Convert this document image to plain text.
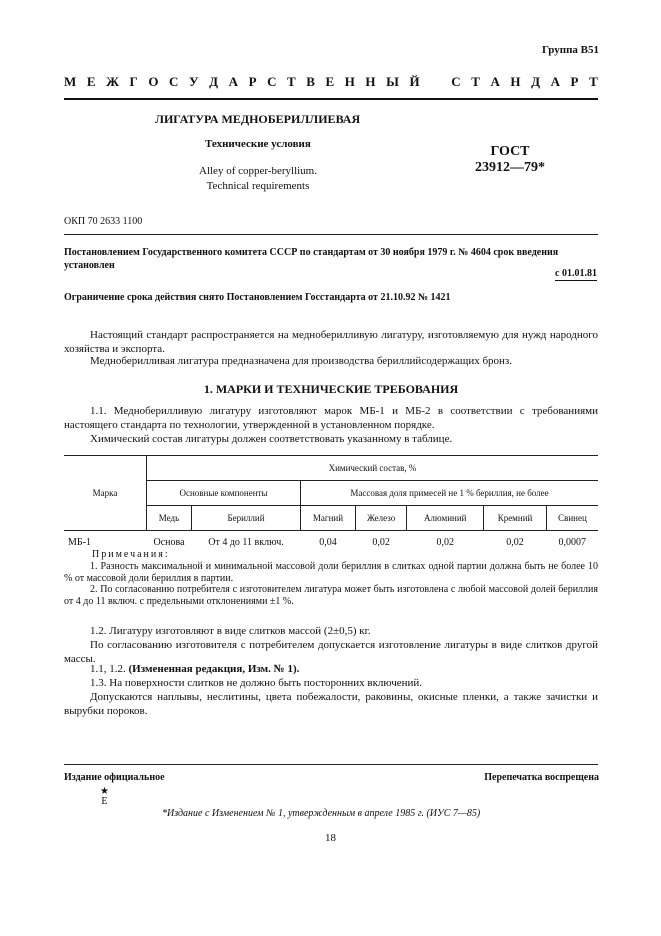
Группа В51
М Е Ж Г О С У Д А Р С Т В Е Н Н Ы Й С Т А Н Д А Р Т
ЛИГАТУРА МЕДНОБЕРИЛЛИЕВАЯ
Технические условия
Alley of copper-beryllium.
Technical requirements
ГОСТ
23912—79*
ОКП 70 2633 1100
Постановлением Государственного комитета СССР по стандартам от 30 ноября 1979 г. № 4604 срок введения установлен
с 01.01.81
Ограничение срока действия снято Постановлением Госстандарта от 21.10.92 № 1421
Настоящий стандарт распространяется на медноберилливую лигатуру, изготовляемую для нужд народного хозяйства и экспорта.
Медноберилливая лигатура предназначена для производства бериллийсодержащих бронз.
1. МАРКИ И ТЕХНИЧЕСКИЕ ТРЕБОВАНИЯ
1.1. Медноберилливую лигатуру изготовляют марок МБ-1 и МБ-2 в соответствии с требованиями настоящего стандарта по технологии, утвержденной в установленном порядке.
Химический состав лигатуры должен соответствовать указанному в таблице.
Марка	Химический состав, %						
	Основные компоненты		Массовая доля примесей не 1 % бериллия, не более				
	Медь	Бериллий	Магний	Железо	Алюминий	Кремний	Свинец
МБ-1	Основа	От 4 до 11 включ.	0,04	0,02	0,02	0,02	0,0007
Примечания:
1. Разность максимальной и минимальной массовой доли бериллия в слитках одной партии должна быть не более 10 % от массовой доли бериллия в партии.
2. По согласованию потребителя с изготовителем лигатура может быть изготовлена с любой массовой долей бериллия от 4 до 11 включ. с предельными отклонениями ±1 %.
1.2. Лигатуру изготовляют в виде слитков массой (2±0,5) кг.
По согласованию изготовителя с потребителем допускается изготовление лигатуры в виде слитков другой массы.
1.1, 1.2. (Измененная редакция, Изм. № 1).
1.3. На поверхности слитков не должно быть посторонних включений.
Допускаются наплывы, неслитины, цвета побежалости, раковины, окисные пленки, а также зачистки и вырубки пороков.
Издание официальное	Перепечатка воспрещена
★
Е
*Издание с Изменением № 1, утвержденным в апреле 1985 г. (ИУС 7—85)
18
